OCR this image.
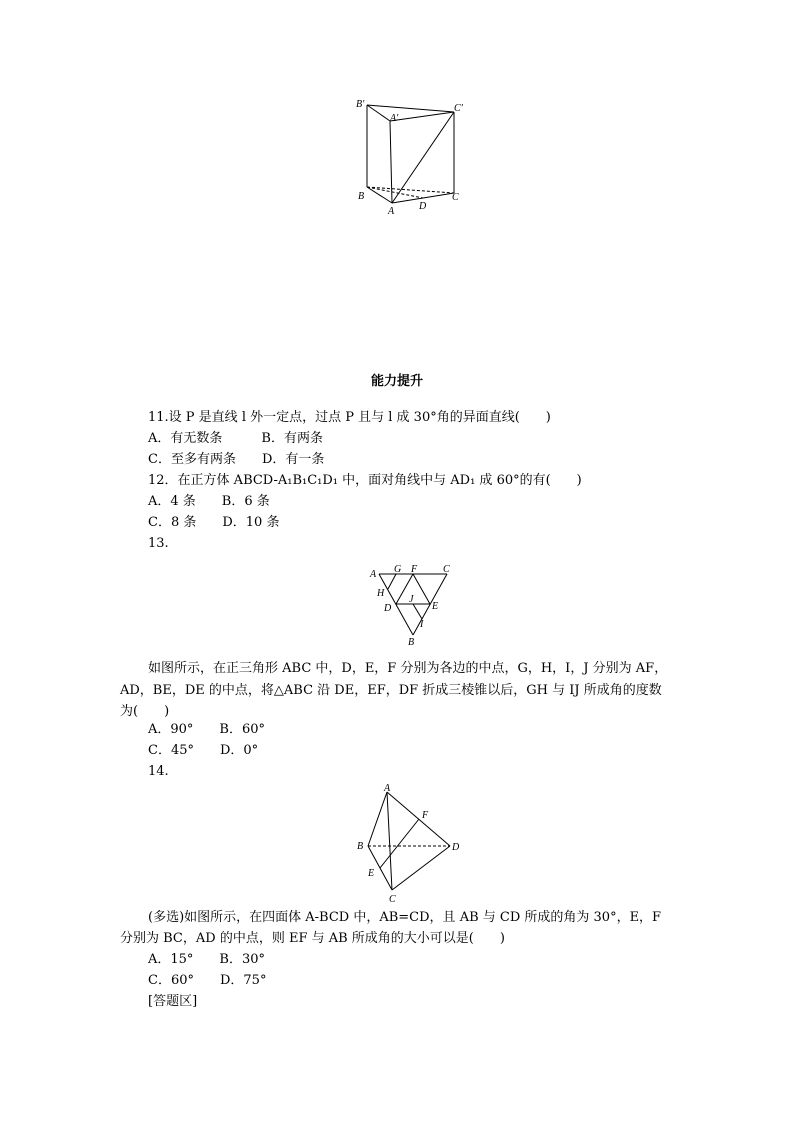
B'	C'
A'
B
A D
C
能力提升
11.设 P 是直线 l 外一定点，过点 P 且与 l 成 30°角的异面直线(　　)
A．有无数条　　　B．有两条
C．至多有两条　　D．有一条
12．在正方体 ABCD-A₁B₁C₁D₁ 中，面对角线中与 AD₁ 成 60°的有(　　)
A．4 条　　B．6 条
C．8 条　　D．10 条
13.
A G F	C
H
J
D	E
I
B
如图所示，在正三角形 ABC 中，D，E，F 分别为各边的中点，G，H，I，J 分别为 AF，
AD，BE，DE 的中点，将△ABC 沿 DE，EF，DF 折成三棱锥以后，GH 与 IJ 所成角的度数
为(　　)
A．90°　　B．60°
C．45°　　D．0°
14.
A
F
B	D
E
C
(多选)如图所示，在四面体 A-BCD 中，AB=CD，且 AB 与 CD 所成的角为 30°，E，F
分别为 BC，AD 的中点，则 EF 与 AB 所成角的大小可以是(　　)
A．15°　　B．30°
C．60°　　D．75°
[答题区]
